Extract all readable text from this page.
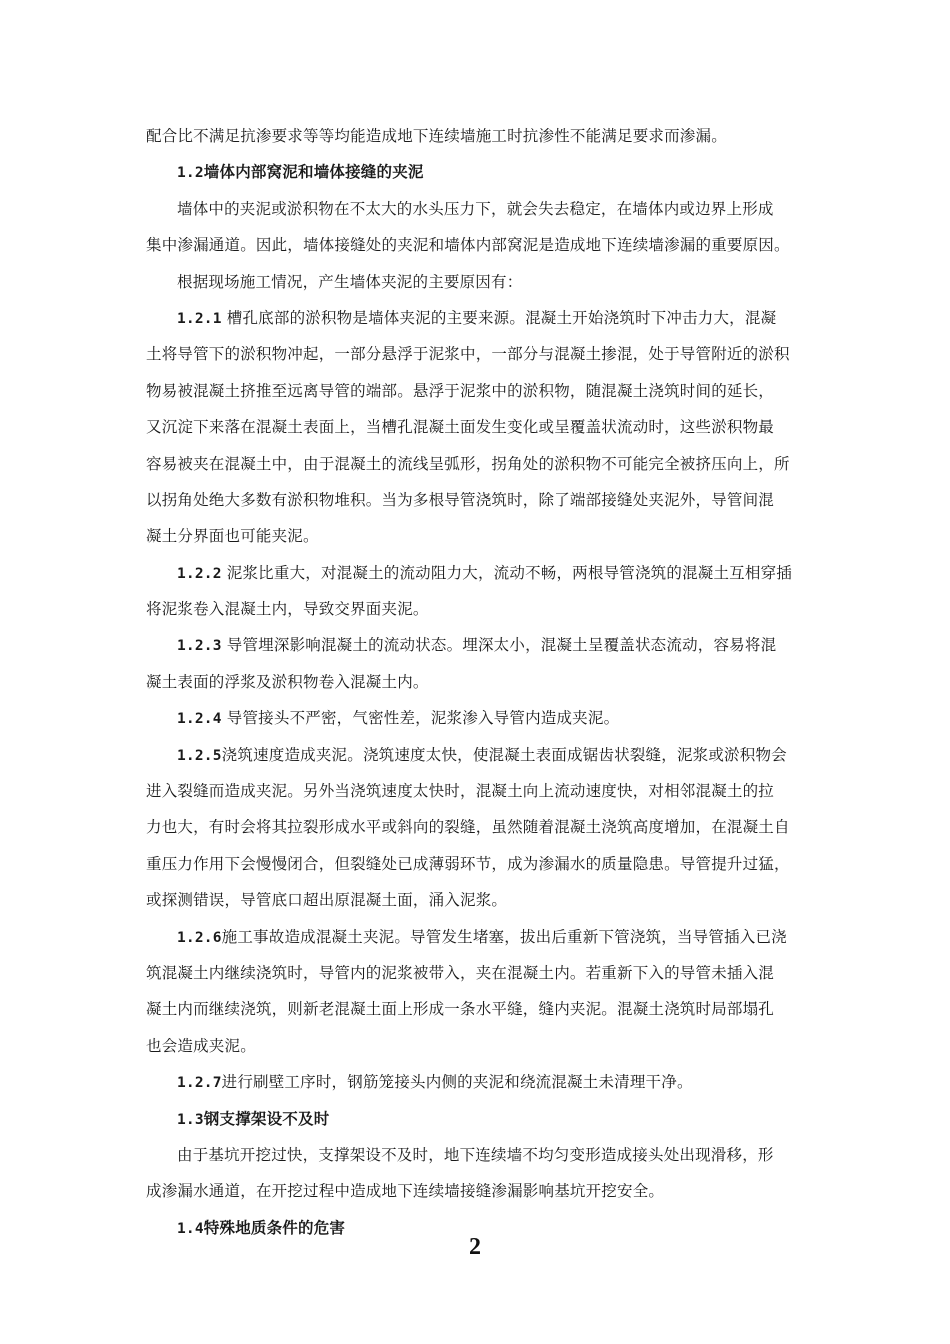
配合比不满足抗渗要求等等均能造成地下连续墙施工时抗渗性不能满足要求而渗漏。
1.2墙体内部窝泥和墙体接缝的夹泥
墙体中的夹泥或淤积物在不太大的水头压力下，就会失去稳定，在墙体内或边界上形成
集中渗漏通道。因此，墙体接缝处的夹泥和墙体内部窝泥是造成地下连续墙渗漏的重要原因。
根据现场施工情况，产生墙体夹泥的主要原因有：
1.2.1 槽孔底部的淤积物是墙体夹泥的主要来源。混凝土开始浇筑时下冲击力大，混凝
土将导管下的淤积物冲起，一部分悬浮于泥浆中，一部分与混凝土掺混，处于导管附近的淤积
物易被混凝土挤推至远离导管的端部。悬浮于泥浆中的淤积物，随混凝土浇筑时间的延长，
又沉淀下来落在混凝土表面上，当槽孔混凝土面发生变化或呈覆盖状流动时，这些淤积物最
容易被夹在混凝土中，由于混凝土的流线呈弧形，拐角处的淤积物不可能完全被挤压向上，所
以拐角处绝大多数有淤积物堆积。当为多根导管浇筑时，除了端部接缝处夹泥外，导管间混
凝土分界面也可能夹泥。
1.2.2 泥浆比重大，对混凝土的流动阻力大，流动不畅，两根导管浇筑的混凝土互相穿插
将泥浆卷入混凝土内，导致交界面夹泥。
1.2.3 导管埋深影响混凝土的流动状态。埋深太小，混凝土呈覆盖状态流动，容易将混
凝土表面的浮浆及淤积物卷入混凝土内。
1.2.4 导管接头不严密，气密性差，泥浆渗入导管内造成夹泥。
1.2.5浇筑速度造成夹泥。浇筑速度太快，使混凝土表面成锯齿状裂缝，泥浆或淤积物会
进入裂缝而造成夹泥。另外当浇筑速度太快时，混凝土向上流动速度快，对相邻混凝土的拉
力也大，有时会将其拉裂形成水平或斜向的裂缝，虽然随着混凝土浇筑高度增加，在混凝土自
重压力作用下会慢慢闭合，但裂缝处已成薄弱环节，成为渗漏水的质量隐患。导管提升过猛，
或探测错误，导管底口超出原混凝土面，涌入泥浆。
1.2.6施工事故造成混凝土夹泥。导管发生堵塞，拔出后重新下管浇筑，当导管插入已浇
筑混凝土内继续浇筑时，导管内的泥浆被带入，夹在混凝土内。若重新下入的导管未插入混
凝土内而继续浇筑，则新老混凝土面上形成一条水平缝，缝内夹泥。混凝土浇筑时局部塌孔
也会造成夹泥。
1.2.7进行刷壁工序时，钢筋笼接头内侧的夹泥和绕流混凝土未清理干净。
1.3钢支撑架设不及时
由于基坑开挖过快，支撑架设不及时，地下连续墙不均匀变形造成接头处出现滑移，形
成渗漏水通道，在开挖过程中造成地下连续墙接缝渗漏影响基坑开挖安全。
1.4特殊地质条件的危害
2
